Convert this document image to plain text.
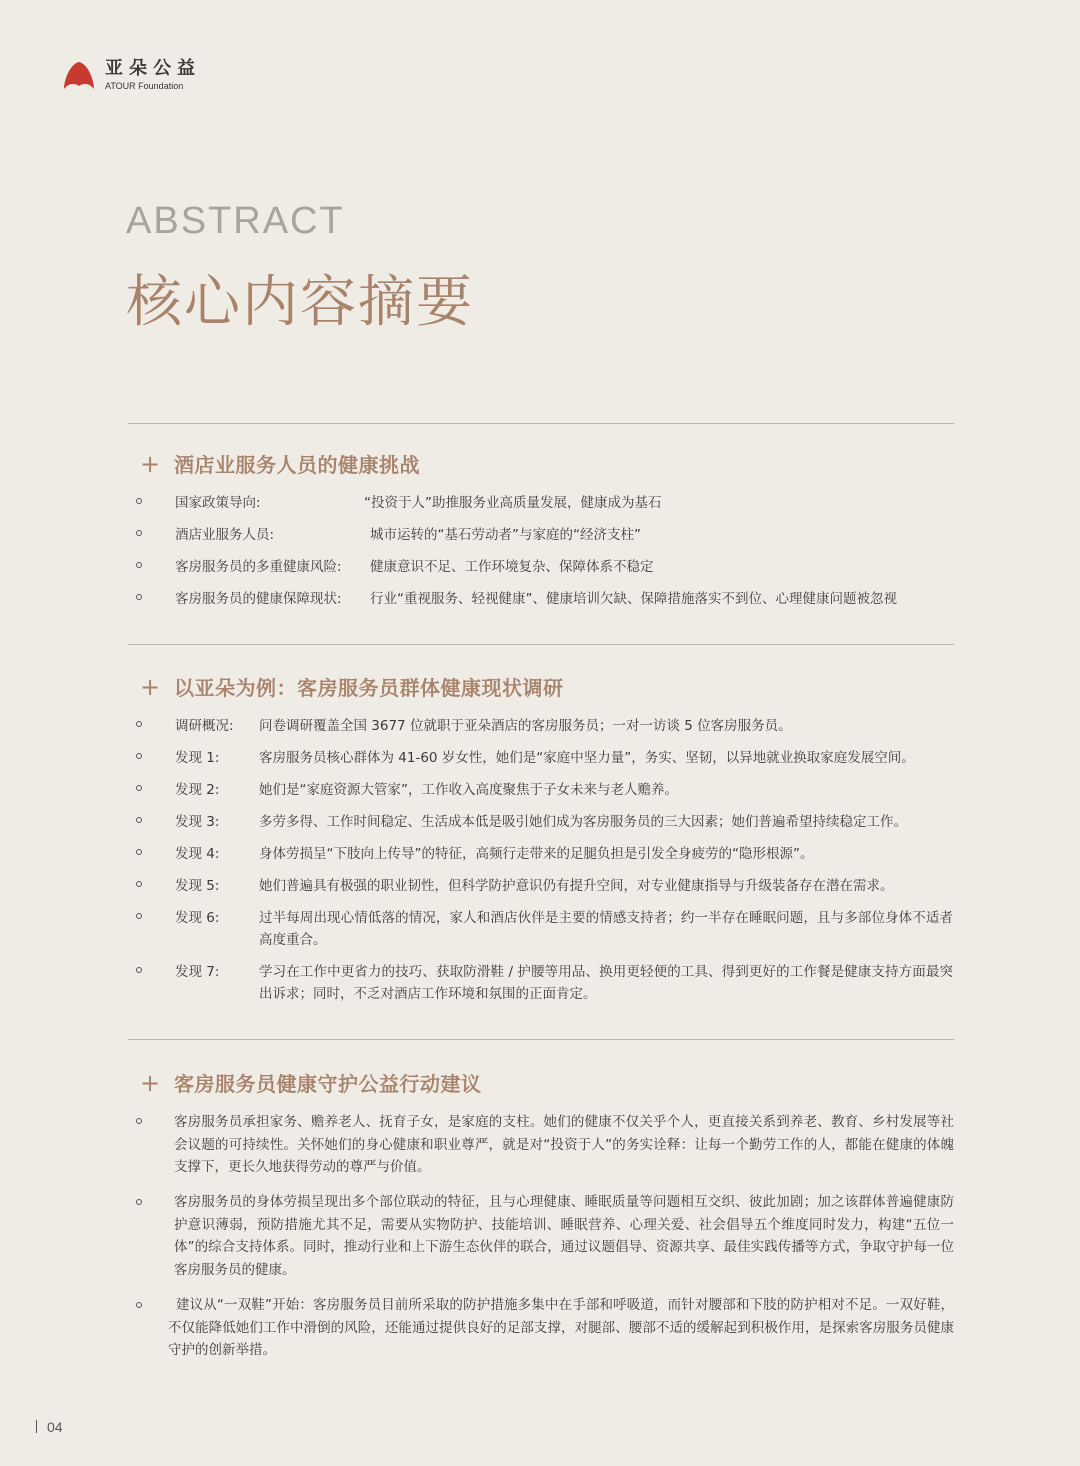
亚朵公益
ATOUR Foundation
ABSTRACT
核心内容摘要
+ 酒店业服务人员的健康挑战
国家政策导向:	“投资于人”助推服务业高质量发展，健康成为基石
酒店业服务人员:	城市运转的“基石劳动者”与家庭的“经济支柱”
客房服务员的多重健康风险: 健康意识不足、工作环境复杂、保障体系不稳定
客房服务员的健康保障现状: 行业“重视服务、轻视健康”、健康培训欠缺、保障措施落实不到位、心理健康问题被忽视
+ 以亚朵为例：客房服务员群体健康现状调研
调研概况: 问卷调研覆盖全国 3677 位就职于亚朵酒店的客房服务员；一对一访谈 5 位客房服务员。
发现 1:	客房服务员核心群体为 41-60 岁女性，她们是“家庭中坚力量”，务实、坚韧，以异地就业换取家庭发展空间。
发现 2:	她们是“家庭资源大管家”，工作收入高度聚焦于子女未来与老人赡养。
发现 3:	多劳多得、工作时间稳定、生活成本低是吸引她们成为客房服务员的三大因素；她们普遍希望持续稳定工作。
发现 4:	身体劳损呈“下肢向上传导”的特征，高频行走带来的足腿负担是引发全身疲劳的“隐形根源”。
发现 5:	她们普遍具有极强的职业韧性，但科学防护意识仍有提升空间，对专业健康指导与升级装备存在潜在需求。
发现 6:	过半每周出现心情低落的情况，家人和酒店伙伴是主要的情感支持者；约一半存在睡眠问题，且与多部位身体不适者高度重合。
发现 7:	学习在工作中更省力的技巧、获取防滑鞋 / 护腰等用品、换用更轻便的工具、得到更好的工作餐是健康支持方面最突出诉求；同时，不乏对酒店工作环境和氛围的正面肯定。
+ 客房服务员健康守护公益行动建议
客房服务员承担家务、赡养老人、抚育子女，是家庭的支柱。她们的健康不仅关乎个人，更直接关系到养老、教育、乡村发展等社会议题的可持续性。关怀她们的身心健康和职业尊严，就是对“投资于人”的务实诠释：让每一个勤劳工作的人，都能在健康的体魄支撑下，更长久地获得劳动的尊严与价值。
客房服务员的身体劳损呈现出多个部位联动的特征，且与心理健康、睡眠质量等问题相互交织、彼此加剧；加之该群体普遍健康防护意识薄弱，预防措施尤其不足，需要从实物防护、技能培训、睡眠营养、心理关爱、社会倡导五个维度同时发力，构建“五位一体”的综合支持体系。同时，推动行业和上下游生态伙伴的联合，通过议题倡导、资源共享、最佳实践传播等方式，争取守护每一位客房服务员的健康。
建议从“一双鞋”开始：客房服务员目前所采取的防护措施多集中在手部和呼吸道，而针对腰部和下肢的防护相对不足。一双好鞋，不仅能降低她们工作中滑倒的风险，还能通过提供良好的足部支撑，对腿部、腰部不适的缓解起到积极作用，是探索客房服务员健康守护的创新举措。
04
